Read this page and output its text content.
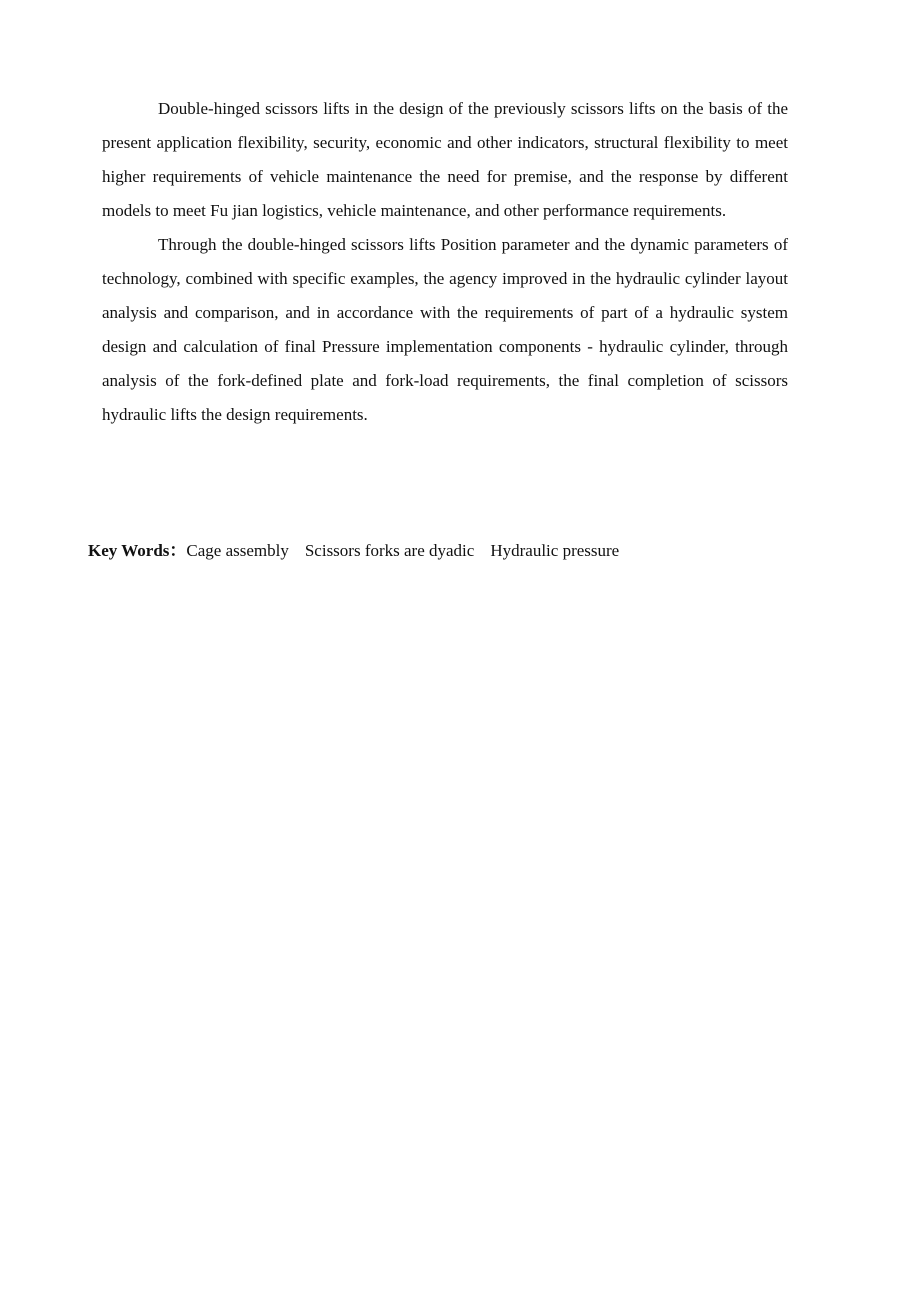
Double-hinged scissors lifts in the design of the previously scissors lifts on the basis of the present application flexibility, security, economic and other indicators, structural flexibility to meet higher requirements of vehicle maintenance the need for premise, and the response by different models to meet Fu jian logistics, vehicle maintenance, and other performance requirements.

Through the double-hinged scissors lifts Position parameter and the dynamic parameters of technology, combined with specific examples, the agency improved in the hydraulic cylinder layout analysis and comparison, and in accordance with the requirements of part of a hydraulic system design and calculation of final Pressure implementation components - hydraulic cylinder, through analysis of the fork-defined plate and fork-load requirements, the final completion of scissors hydraulic lifts the design requirements.

Key Words：Cage assembly Scissors forks are dyadic Hydraulic pressure
